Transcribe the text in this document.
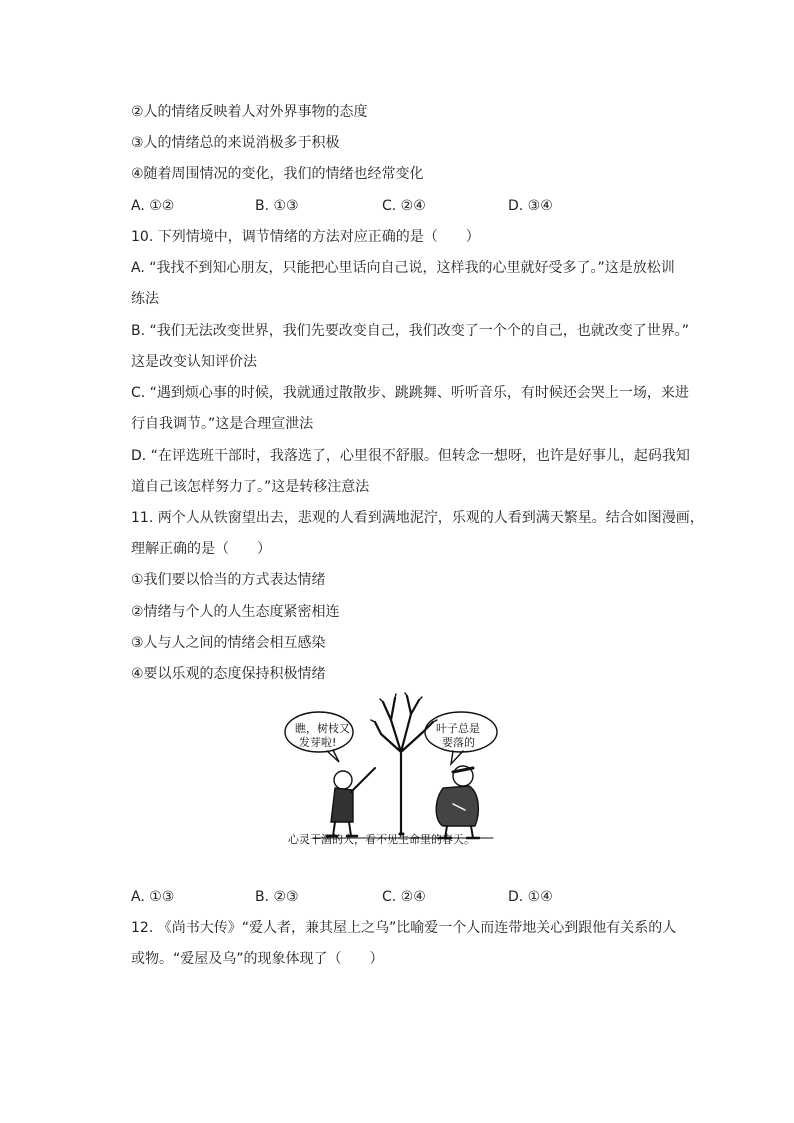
②人的情绪反映着人对外界事物的态度
③人的情绪总的来说消极多于积极
④随着周围情况的变化，我们的情绪也经常变化
A. ①②	B. ①③	C. ②④	D. ③④
10. 下列情境中，调节情绪的方法对应正确的是（　　）
A. “我找不到知心朋友，只能把心里话向自己说，这样我的心里就好受多了。”这是放松训
练法
B. “我们无法改变世界，我们先要改变自己，我们改变了一个个的自己，也就改变了世界。”
这是改变认知评价法
C. “遇到烦心事的时候，我就通过散散步、跳跳舞、听听音乐，有时候还会哭上一场，来进
行自我调节。”这是合理宣泄法
D. “在评选班干部时，我落选了，心里很不舒服。但转念一想呀，也许是好事儿，起码我知
道自己该怎样努力了。”这是转移注意法
11. 两个人从铁窗望出去，悲观的人看到满地泥泞，乐观的人看到满天繁星。结合如图漫画，
理解正确的是（　　）
①我们要以恰当的方式表达情绪
②情绪与个人的人生态度紧密相连
③人与人之间的情绪会相互感染
④要以乐观的态度保持积极情绪
瞧，树枝又
发芽啦!
叶子总是
要落的
心灵干涸的人，看不见生命里的春天。
A. ①③	B. ②③	C. ②④	D. ①④
12. 《尚书大传》“爱人者，兼其屋上之乌”比喻爱一个人而连带地关心到跟他有关系的人
或物。“爱屋及乌”的现象体现了（　　）
